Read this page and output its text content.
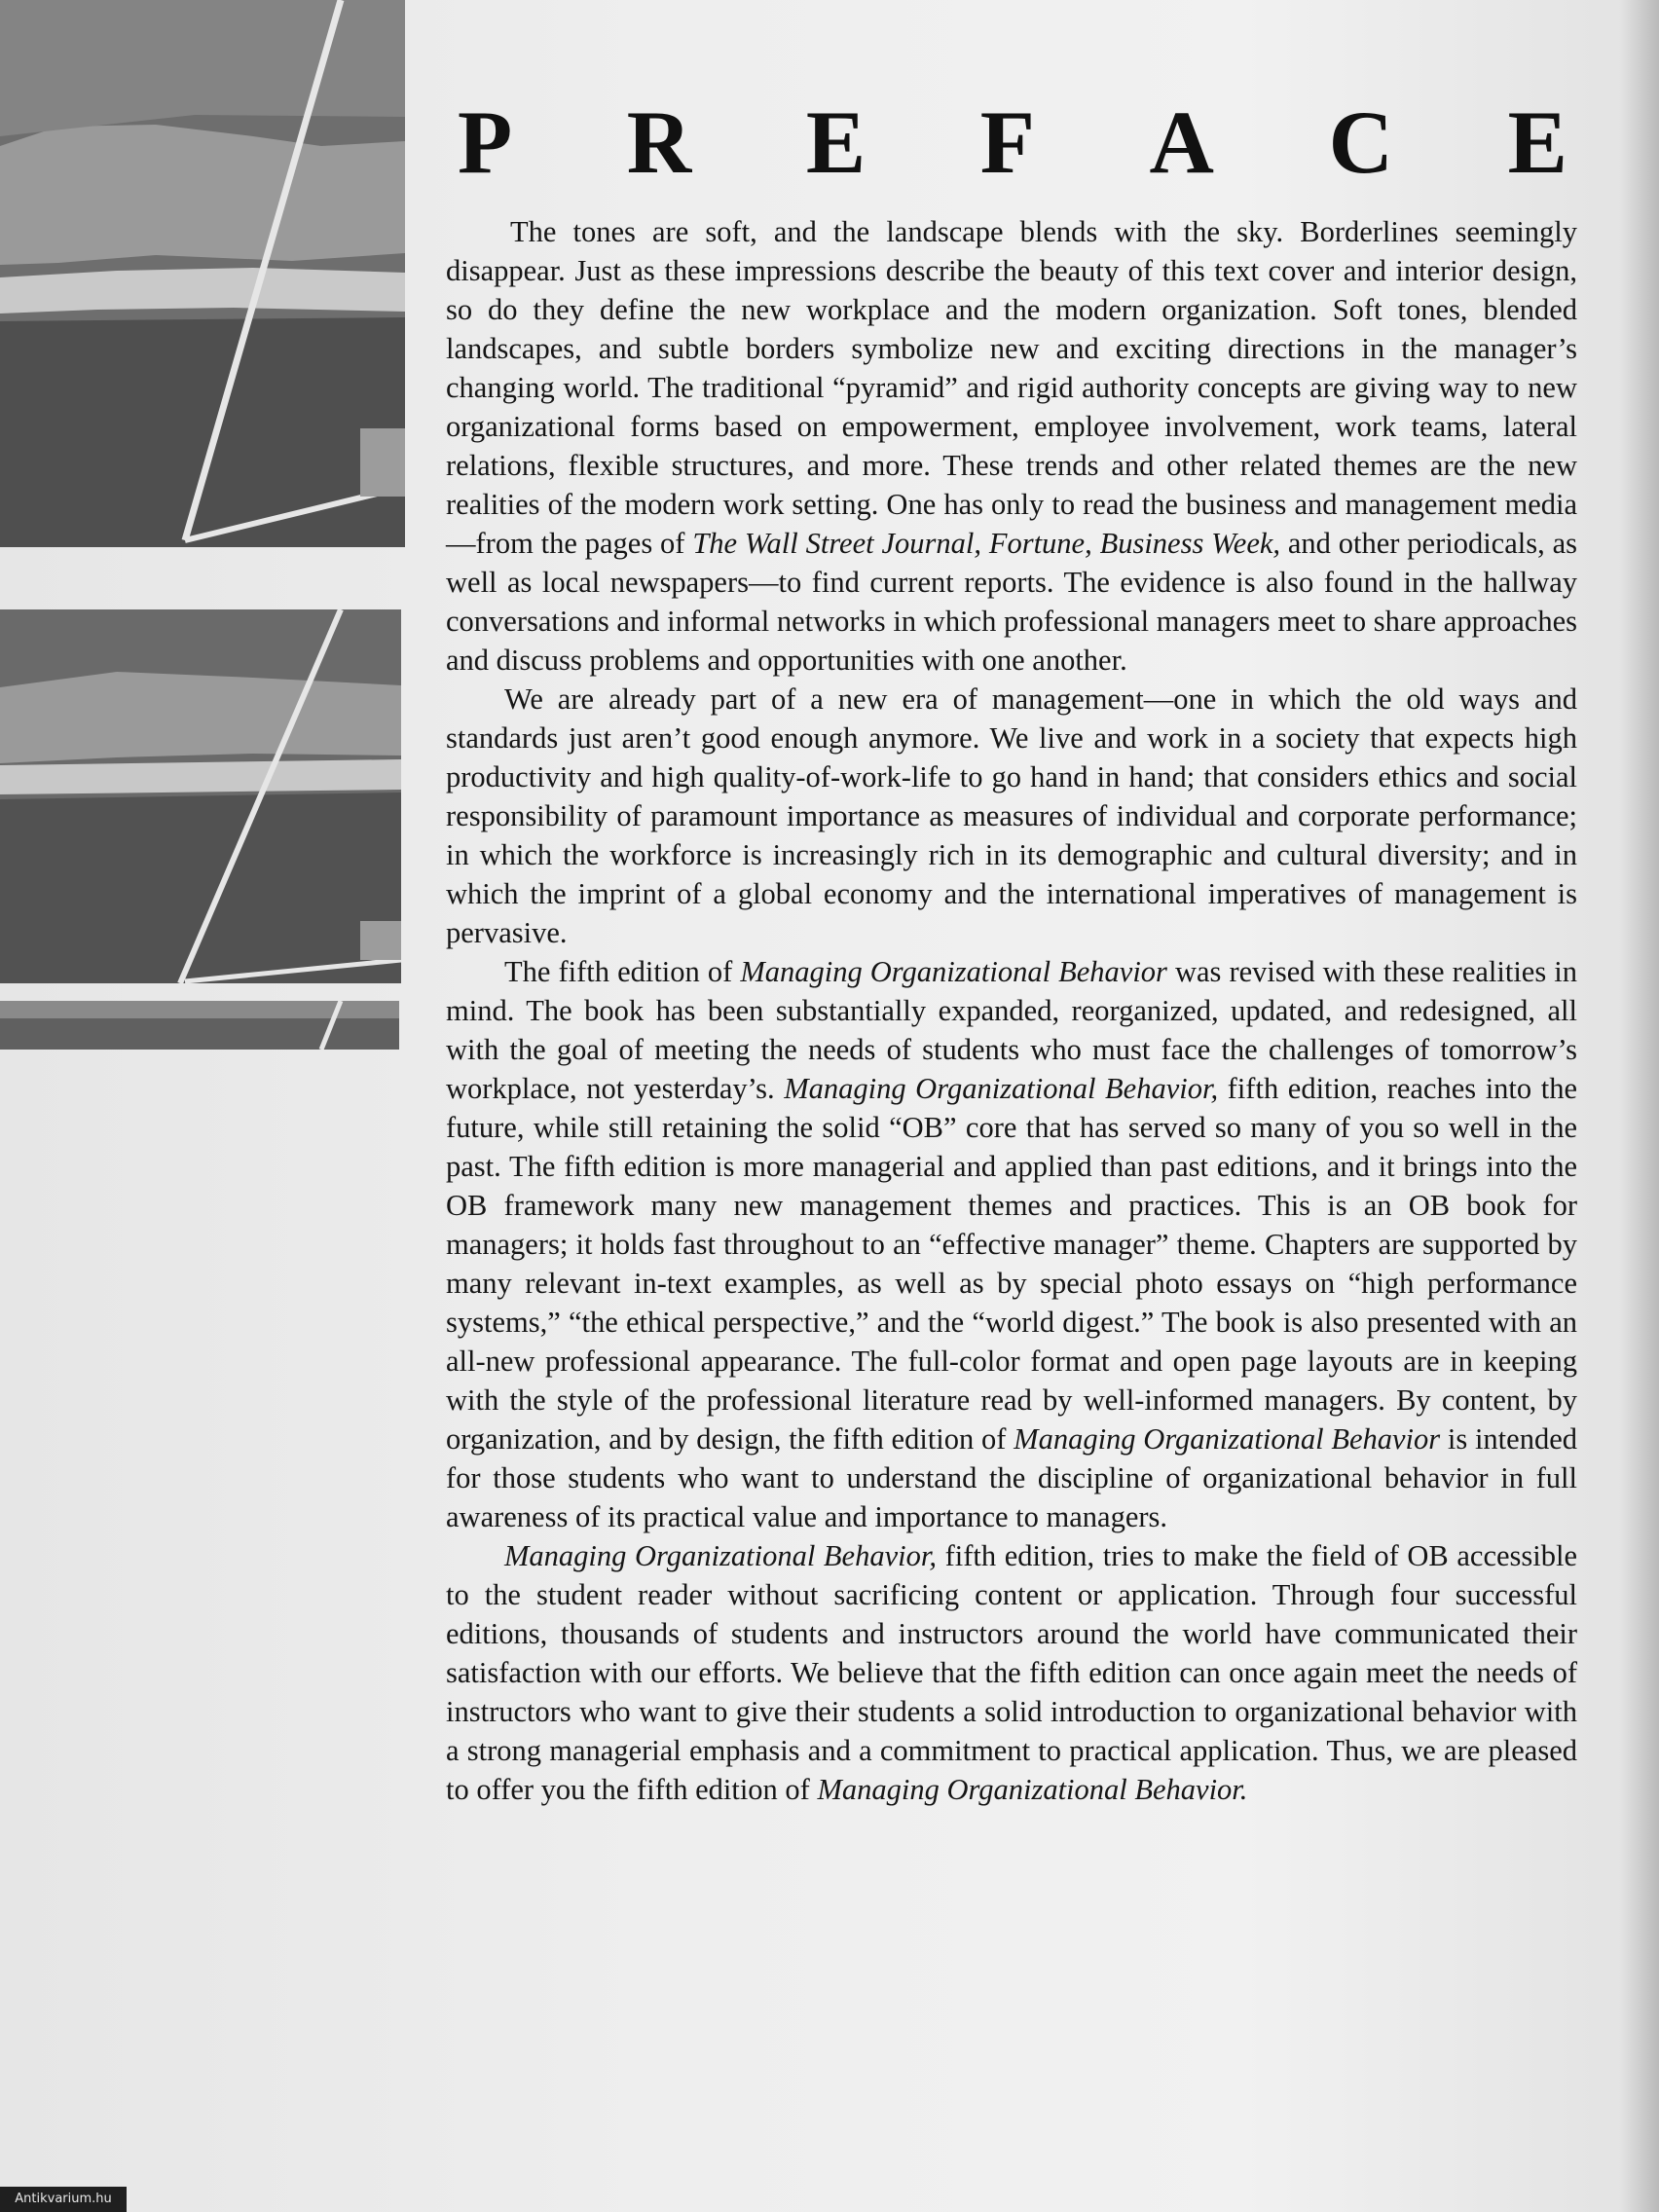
P R E F A C E

The tones are soft, and the landscape blends with the sky. Borderlines seemingly disappear. Just as these impressions describe the beauty of this text cover and interior design, so do they define the new workplace and the modern organization. Soft tones, blended landscapes, and subtle borders symbolize new and exciting directions in the manager’s changing world. The traditional “pyramid” and rigid authority concepts are giving way to new organizational forms based on empowerment, employee involvement, work teams, lateral relations, flexible structures, and more. These trends and other related themes are the new realities of the modern work setting. One has only to read the business and management media—from the pages of The Wall Street Journal, Fortune, Business Week, and other periodicals, as well as local newspapers—to find current reports. The evidence is also found in the hallway conversations and informal networks in which professional managers meet to share approaches and discuss problems and opportunities with one another.

We are already part of a new era of management—one in which the old ways and standards just aren’t good enough anymore. We live and work in a society that expects high productivity and high quality-of-work-life to go hand in hand; that considers ethics and social responsibility of paramount importance as measures of individual and corporate performance; in which the workforce is increasingly rich in its demographic and cultural diversity; and in which the imprint of a global economy and the international imperatives of management is pervasive.

The fifth edition of Managing Organizational Behavior was revised with these realities in mind. The book has been substantially expanded, reorganized, updated, and redesigned, all with the goal of meeting the needs of students who must face the challenges of tomorrow’s workplace, not yesterday’s. Managing Organizational Behavior, fifth edition, reaches into the future, while still retaining the solid “OB” core that has served so many of you so well in the past. The fifth edition is more managerial and applied than past editions, and it brings into the OB framework many new management themes and practices. This is an OB book for managers; it holds fast throughout to an “effective manager” theme. Chapters are supported by many relevant in-text examples, as well as by special photo essays on “high performance systems,” “the ethical perspective,” and the “world digest.” The book is also presented with an all-new professional appearance. The full-color format and open page layouts are in keeping with the style of the professional literature read by well-informed managers. By content, by organization, and by design, the fifth edition of Managing Organizational Behavior is intended for those students who want to understand the discipline of organizational behavior in full awareness of its practical value and importance to managers.

Managing Organizational Behavior, fifth edition, tries to make the field of OB accessible to the student reader without sacrificing content or application. Through four successful editions, thousands of students and instructors around the world have communicated their satisfaction with our efforts. We believe that the fifth edition can once again meet the needs of instructors who want to give their students a solid introduction to organizational behavior with a strong managerial emphasis and a commitment to practical application. Thus, we are pleased to offer you the fifth edition of Managing Organizational Behavior.

Antikvarium.hu
